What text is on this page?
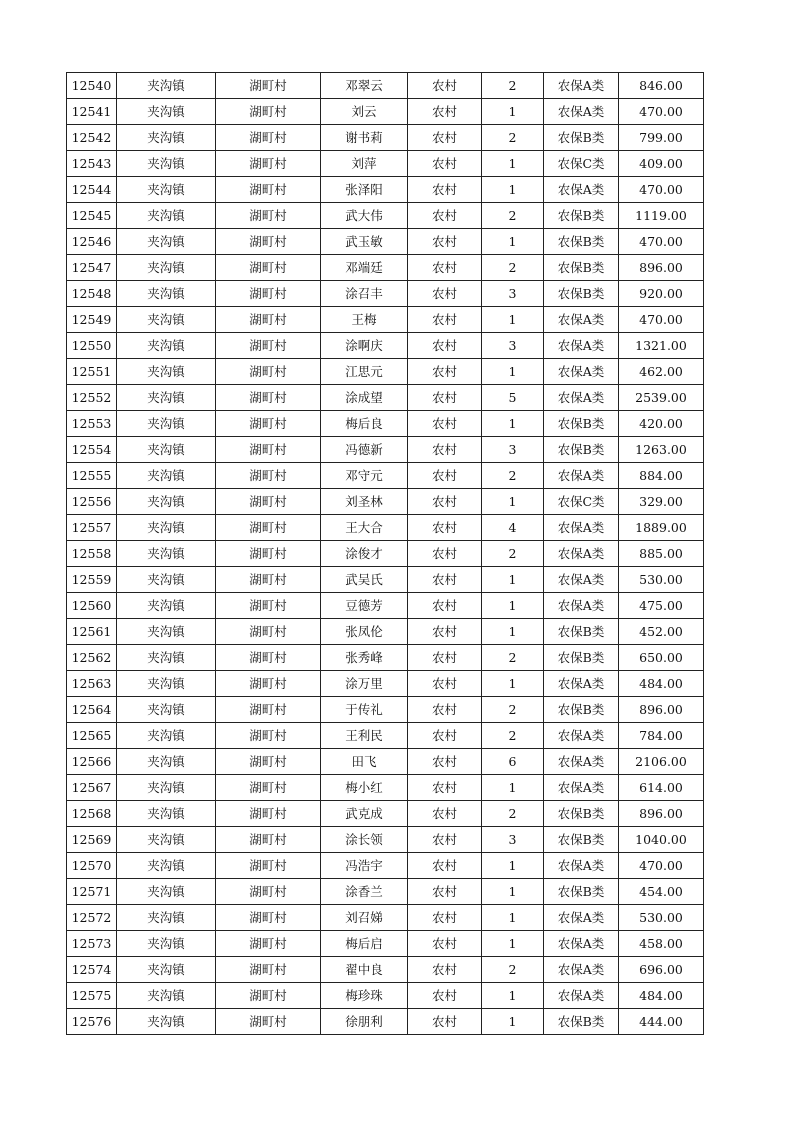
12540	夹沟镇	湖町村	邓翠云	农村	2	农保A类	846.00
12541	夹沟镇	湖町村	刘云	农村	1	农保A类	470.00
12542	夹沟镇	湖町村	谢书莉	农村	2	农保B类	799.00
12543	夹沟镇	湖町村	刘萍	农村	1	农保C类	409.00
12544	夹沟镇	湖町村	张泽阳	农村	1	农保A类	470.00
12545	夹沟镇	湖町村	武大伟	农村	2	农保B类	1119.00
12546	夹沟镇	湖町村	武玉敏	农村	1	农保B类	470.00
12547	夹沟镇	湖町村	邓端廷	农村	2	农保B类	896.00
12548	夹沟镇	湖町村	涂召丰	农村	3	农保B类	920.00
12549	夹沟镇	湖町村	王梅	农村	1	农保A类	470.00
12550	夹沟镇	湖町村	涂啊庆	农村	3	农保A类	1321.00
12551	夹沟镇	湖町村	江思元	农村	1	农保A类	462.00
12552	夹沟镇	湖町村	涂成望	农村	5	农保A类	2539.00
12553	夹沟镇	湖町村	梅后良	农村	1	农保B类	420.00
12554	夹沟镇	湖町村	冯德新	农村	3	农保B类	1263.00
12555	夹沟镇	湖町村	邓守元	农村	2	农保A类	884.00
12556	夹沟镇	湖町村	刘圣林	农村	1	农保C类	329.00
12557	夹沟镇	湖町村	王大合	农村	4	农保A类	1889.00
12558	夹沟镇	湖町村	涂俊才	农村	2	农保A类	885.00
12559	夹沟镇	湖町村	武吴氏	农村	1	农保A类	530.00
12560	夹沟镇	湖町村	豆德芳	农村	1	农保A类	475.00
12561	夹沟镇	湖町村	张凤伦	农村	1	农保B类	452.00
12562	夹沟镇	湖町村	张秀峰	农村	2	农保B类	650.00
12563	夹沟镇	湖町村	涂万里	农村	1	农保A类	484.00
12564	夹沟镇	湖町村	于传礼	农村	2	农保B类	896.00
12565	夹沟镇	湖町村	王利民	农村	2	农保A类	784.00
12566	夹沟镇	湖町村	田飞	农村	6	农保A类	2106.00
12567	夹沟镇	湖町村	梅小红	农村	1	农保A类	614.00
12568	夹沟镇	湖町村	武克成	农村	2	农保B类	896.00
12569	夹沟镇	湖町村	涂长领	农村	3	农保B类	1040.00
12570	夹沟镇	湖町村	冯浩宇	农村	1	农保A类	470.00
12571	夹沟镇	湖町村	涂香兰	农村	1	农保B类	454.00
12572	夹沟镇	湖町村	刘召娣	农村	1	农保A类	530.00
12573	夹沟镇	湖町村	梅后启	农村	1	农保A类	458.00
12574	夹沟镇	湖町村	翟中良	农村	2	农保A类	696.00
12575	夹沟镇	湖町村	梅珍珠	农村	1	农保A类	484.00
12576	夹沟镇	湖町村	徐朋利	农村	1	农保B类	444.00
